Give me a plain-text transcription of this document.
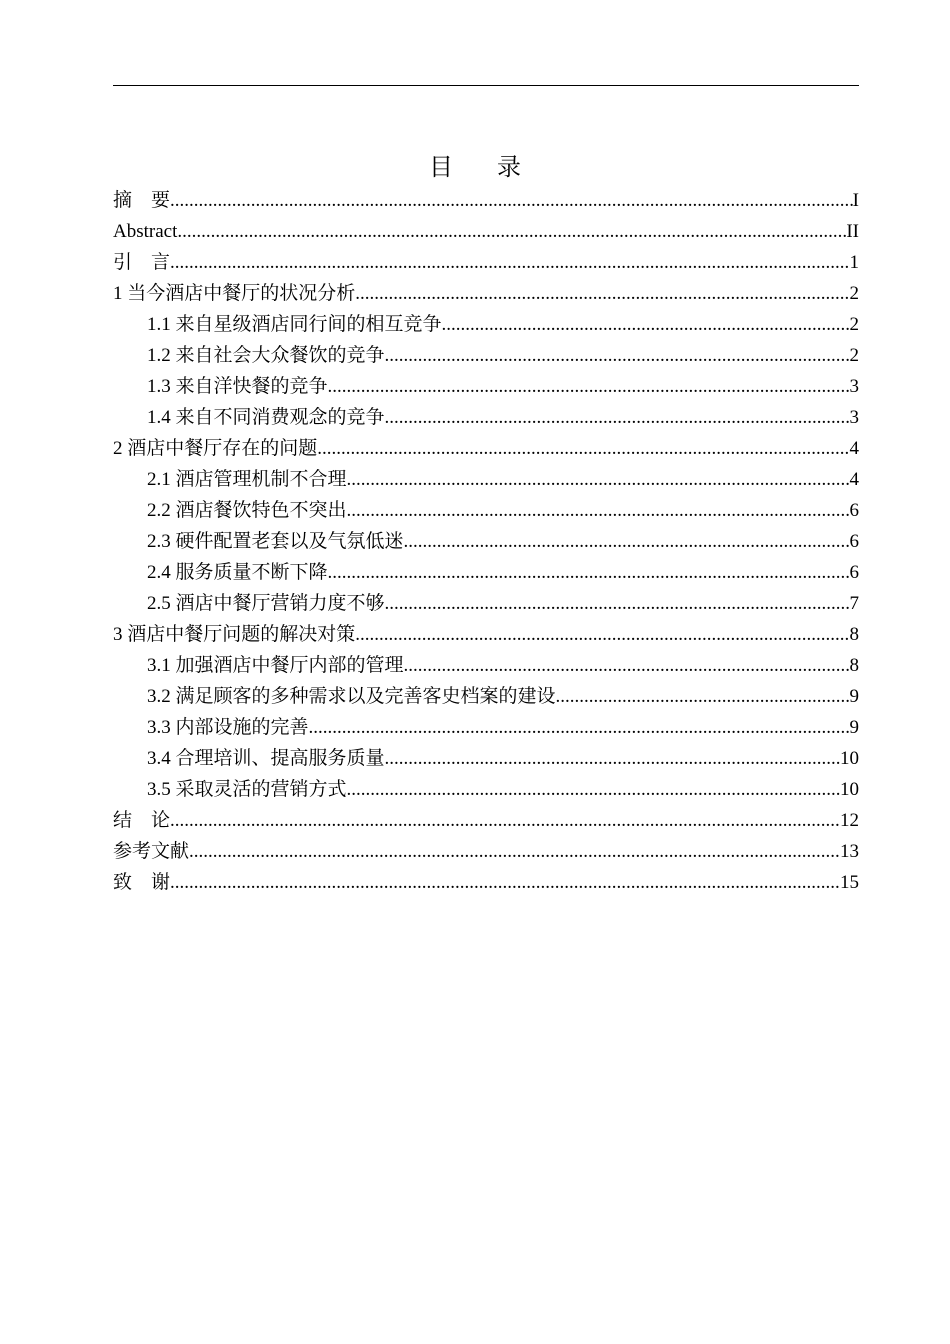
目 录
摘　要 .....	I
Abstract .....	II
引　言 .....	1
1 当今酒店中餐厅的状况分析 .....	2
1.1 来自星级酒店同行间的相互竞争 .....	2
1.2 来自社会大众餐饮的竞争 .....	2
1.3 来自洋快餐的竞争 .....	3
1.4 来自不同消费观念的竞争 .....	3
2 酒店中餐厅存在的问题 .....	4
2.1 酒店管理机制不合理 .....	4
2.2 酒店餐饮特色不突出 .....	6
2.3 硬件配置老套以及气氛低迷 .....	6
2.4 服务质量不断下降 .....	6
2.5 酒店中餐厅营销力度不够 .....	7
3 酒店中餐厅问题的解决对策 .....	8
3.1 加强酒店中餐厅内部的管理 .....	8
3.2 满足顾客的多种需求以及完善客史档案的建设 .....	9
3.3 内部设施的完善 .....	9
3.4 合理培训、提高服务质量 .....	10
3.5 采取灵活的营销方式 .....	10
结　论 .....	12
参考文献 .....	13
致　谢 .....	15
